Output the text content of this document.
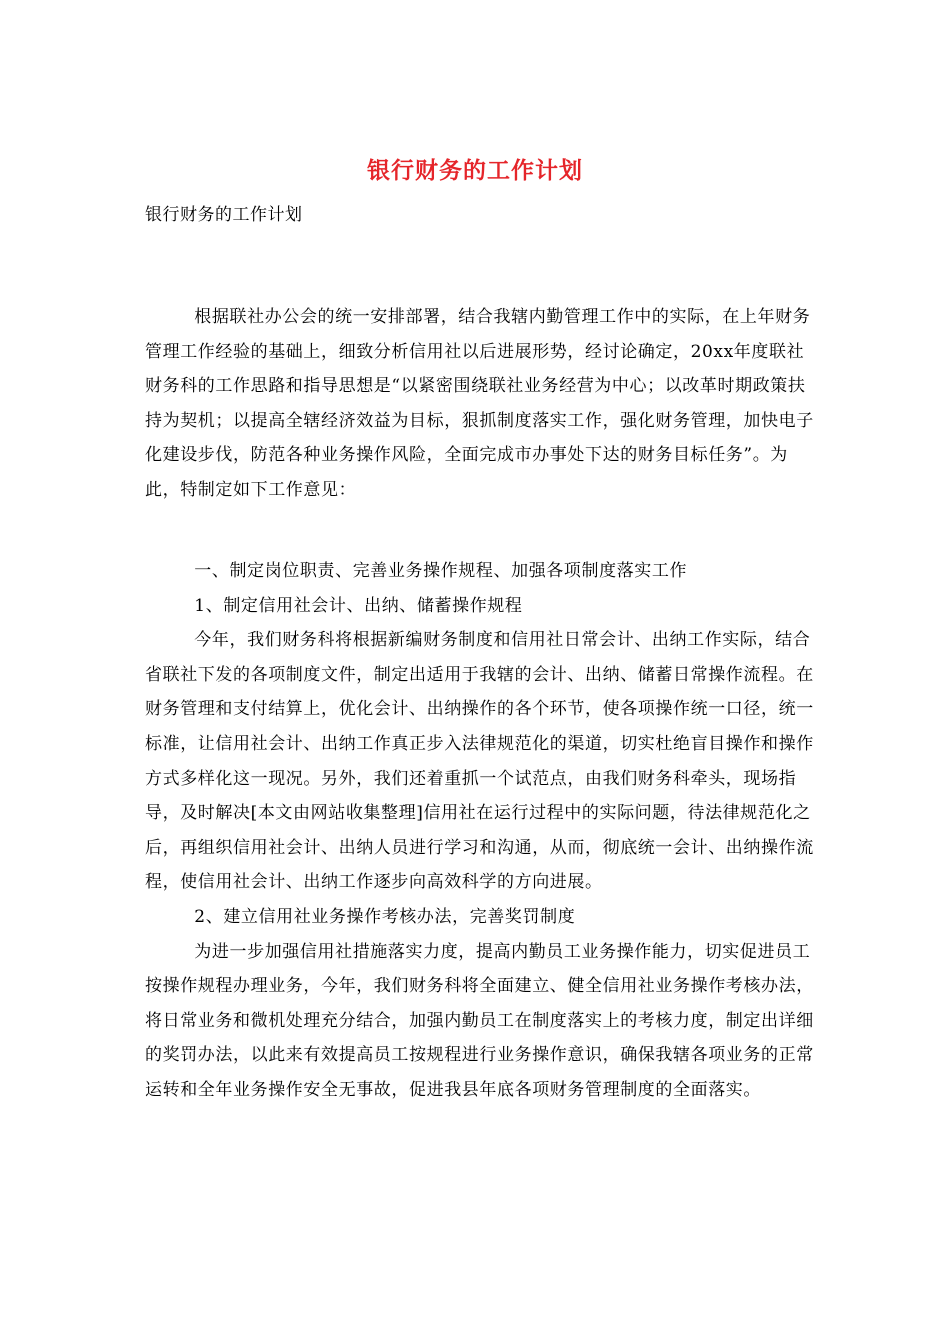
银行财务的工作计划
银行财务的工作计划

根据联社办公会的统一安排部署，结合我辖内勤管理工作中的实际，在上年财务管理工作经验的基础上，细致分析信用社以后进展形势，经讨论确定，20xx年度联社财务科的工作思路和指导思想是“以紧密围绕联社业务经营为中心；以改革时期政策扶持为契机；以提高全辖经济效益为目标，狠抓制度落实工作，强化财务管理，加快电子化建设步伐，防范各种业务操作风险，全面完成市办事处下达的财务目标任务”。为此，特制定如下工作意见：

一、制定岗位职责、完善业务操作规程、加强各项制度落实工作

1、制定信用社会计、出纳、储蓄操作规程

今年，我们财务科将根据新编财务制度和信用社日常会计、出纳工作实际，结合省联社下发的各项制度文件，制定出适用于我辖的会计、出纳、储蓄日常操作流程。在财务管理和支付结算上，优化会计、出纳操作的各个环节，使各项操作统一口径，统一标准，让信用社会计、出纳工作真正步入法律规范化的渠道，切实杜绝盲目操作和操作方式多样化这一现况。另外，我们还着重抓一个试范点，由我们财务科牵头，现场指导，及时解决[本文由网站收集整理]信用社在运行过程中的实际问题，待法律规范化之后，再组织信用社会计、出纳人员进行学习和沟通，从而，彻底统一会计、出纳操作流程，使信用社会计、出纳工作逐步向高效科学的方向进展。

2、建立信用社业务操作考核办法，完善奖罚制度

为进一步加强信用社措施落实力度，提高内勤员工业务操作能力，切实促进员工按操作规程办理业务，今年，我们财务科将全面建立、健全信用社业务操作考核办法，将日常业务和微机处理充分结合，加强内勤员工在制度落实上的考核力度，制定出详细的奖罚办法，以此来有效提高员工按规程进行业务操作意识，确保我辖各项业务的正常运转和全年业务操作安全无事故，促进我县年底各项财务管理制度的全面落实。
